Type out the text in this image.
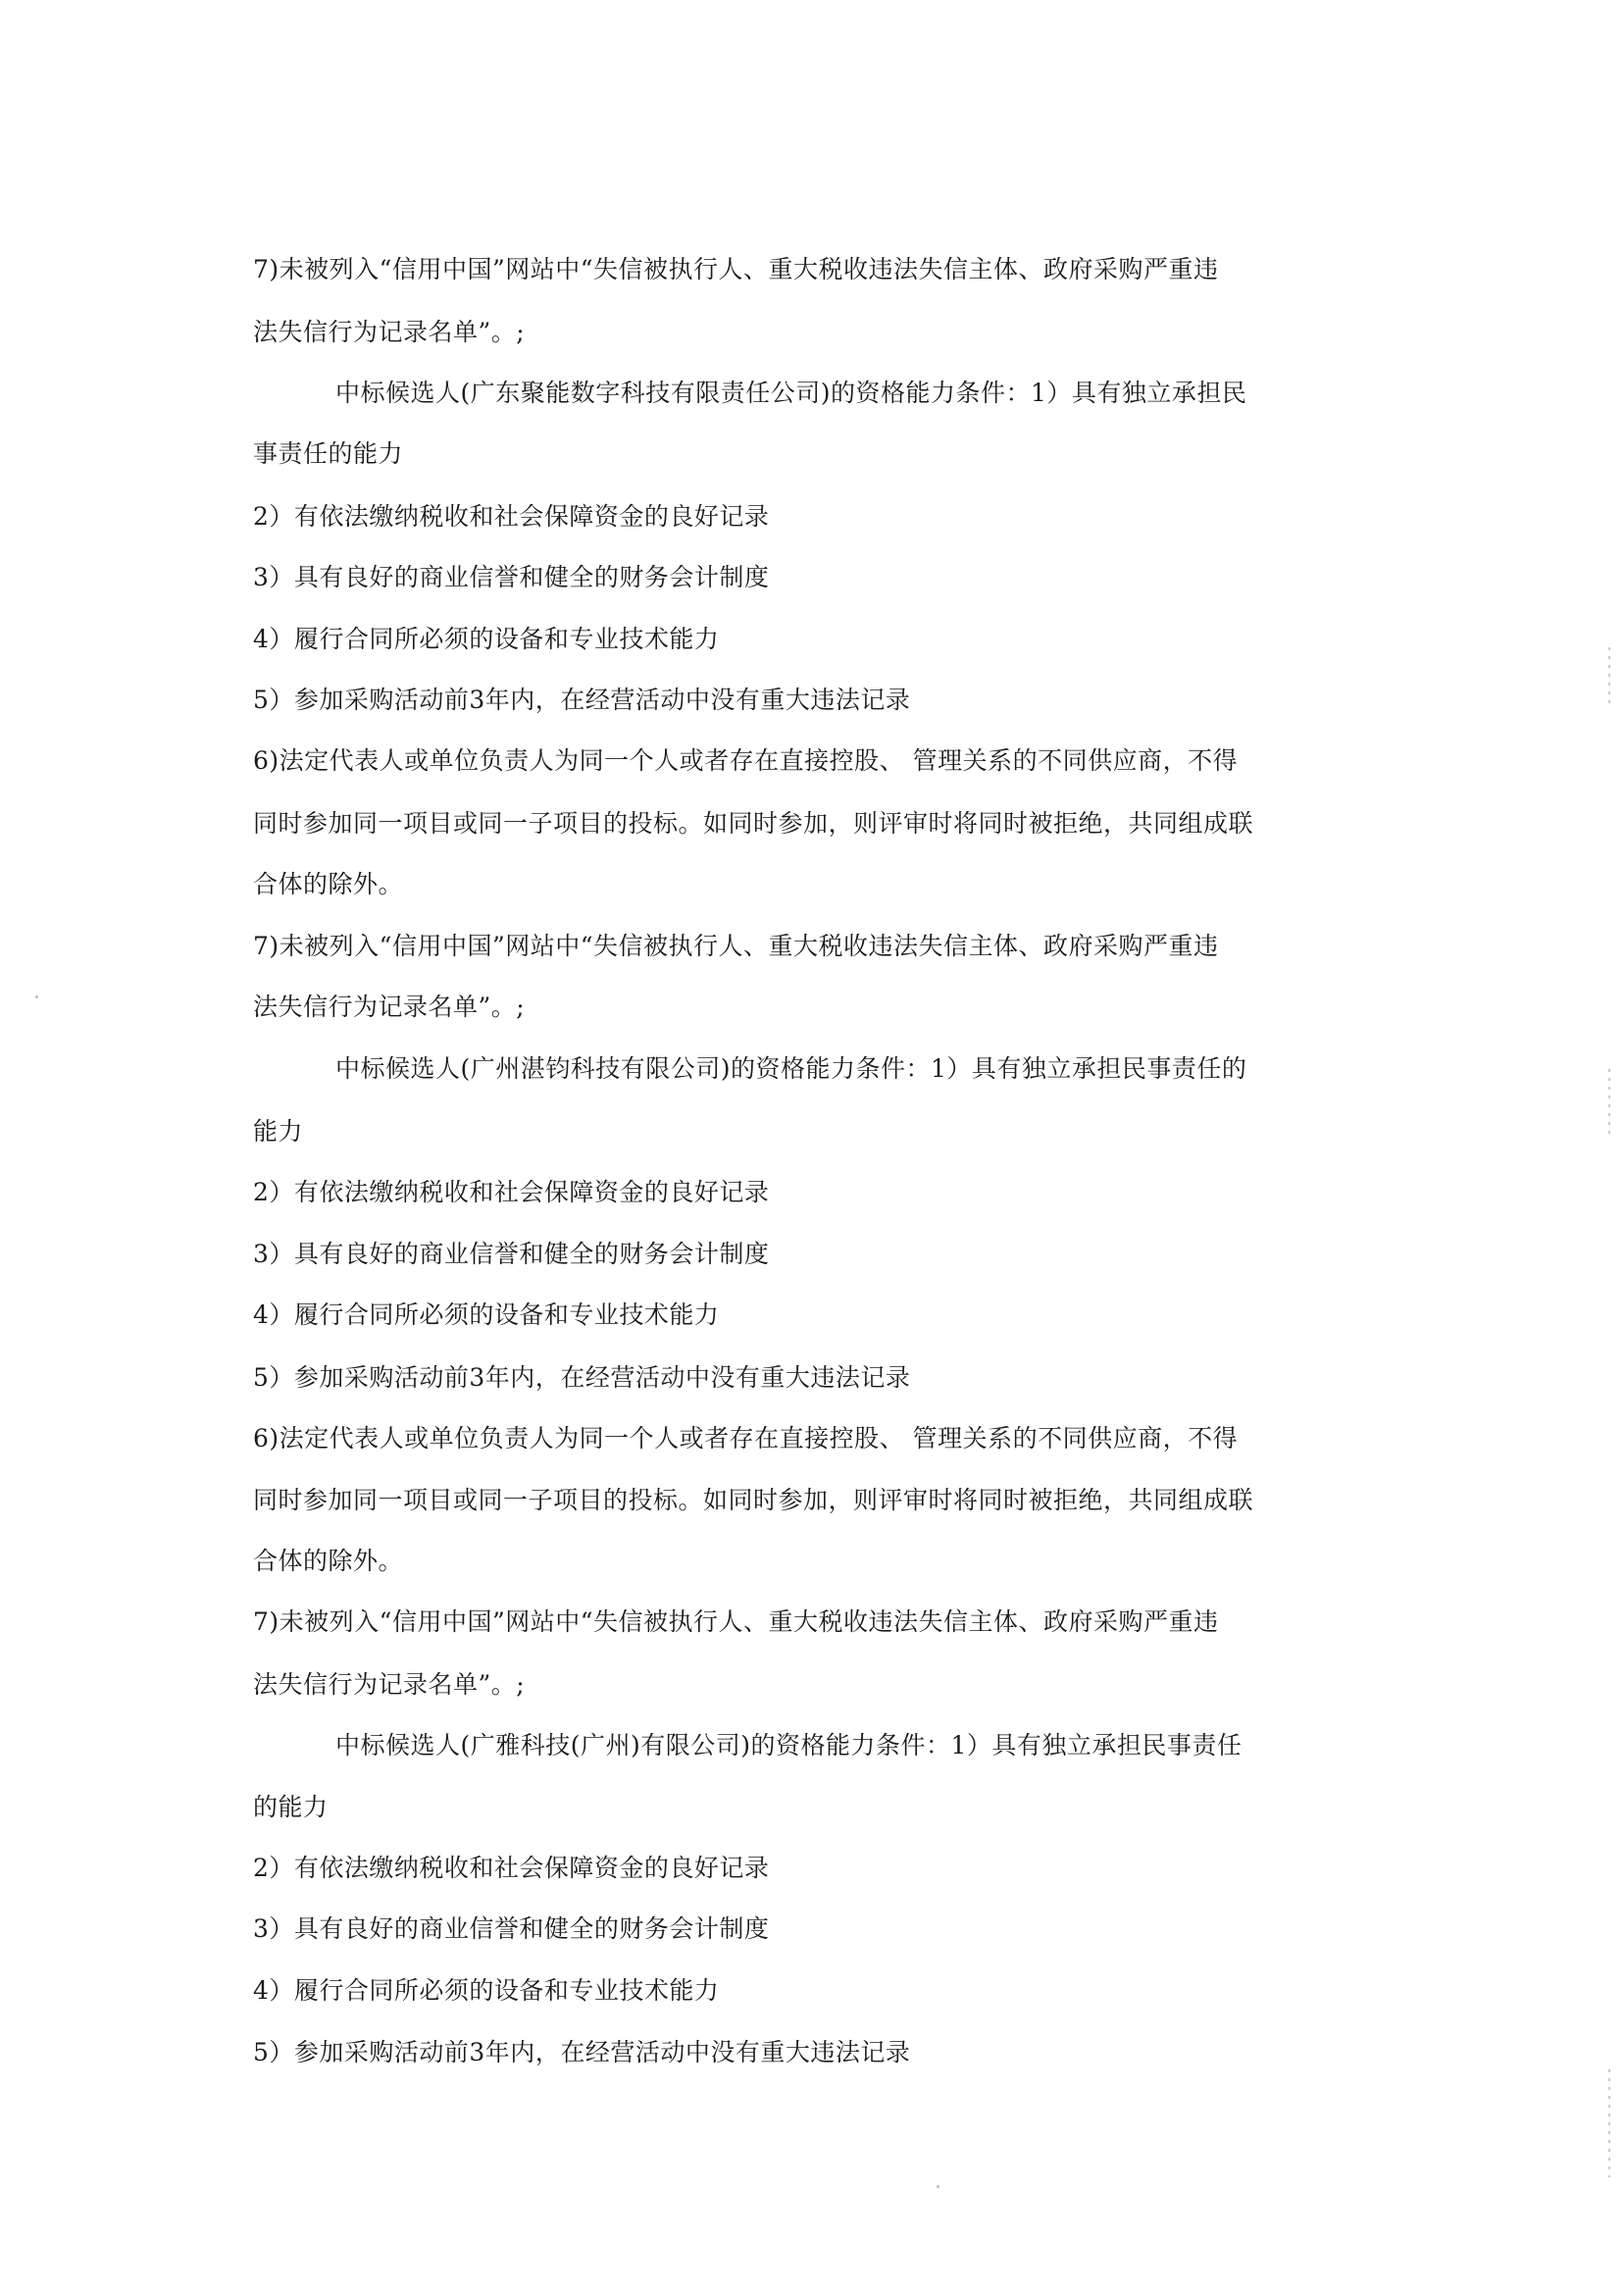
7)未被列入“信用中国”网站中“失信被执行人、重大税收违法失信主体、政府采购严重违
法失信行为记录名单”。;
中标候选人(广东聚能数字科技有限责任公司)的资格能力条件：1）具有独立承担民
事责任的能力
2）有依法缴纳税收和社会保障资金的良好记录
3）具有良好的商业信誉和健全的财务会计制度
4）履行合同所必须的设备和专业技术能力
5）参加采购活动前3年内，在经营活动中没有重大违法记录
6)法定代表人或单位负责人为同一个人或者存在直接控股、 管理关系的不同供应商，不得
同时参加同一项目或同一子项目的投标。如同时参加，则评审时将同时被拒绝，共同组成联
合体的除外。
7)未被列入“信用中国”网站中“失信被执行人、重大税收违法失信主体、政府采购严重违
法失信行为记录名单”。;
中标候选人(广州湛钧科技有限公司)的资格能力条件：1）具有独立承担民事责任的
能力
2）有依法缴纳税收和社会保障资金的良好记录
3）具有良好的商业信誉和健全的财务会计制度
4）履行合同所必须的设备和专业技术能力
5）参加采购活动前3年内，在经营活动中没有重大违法记录
6)法定代表人或单位负责人为同一个人或者存在直接控股、 管理关系的不同供应商，不得
同时参加同一项目或同一子项目的投标。如同时参加，则评审时将同时被拒绝，共同组成联
合体的除外。
7)未被列入“信用中国”网站中“失信被执行人、重大税收违法失信主体、政府采购严重违
法失信行为记录名单”。;
中标候选人(广雅科技(广州)有限公司)的资格能力条件：1）具有独立承担民事责任
的能力
2）有依法缴纳税收和社会保障资金的良好记录
3）具有良好的商业信誉和健全的财务会计制度
4）履行合同所必须的设备和专业技术能力
5）参加采购活动前3年内，在经营活动中没有重大违法记录
